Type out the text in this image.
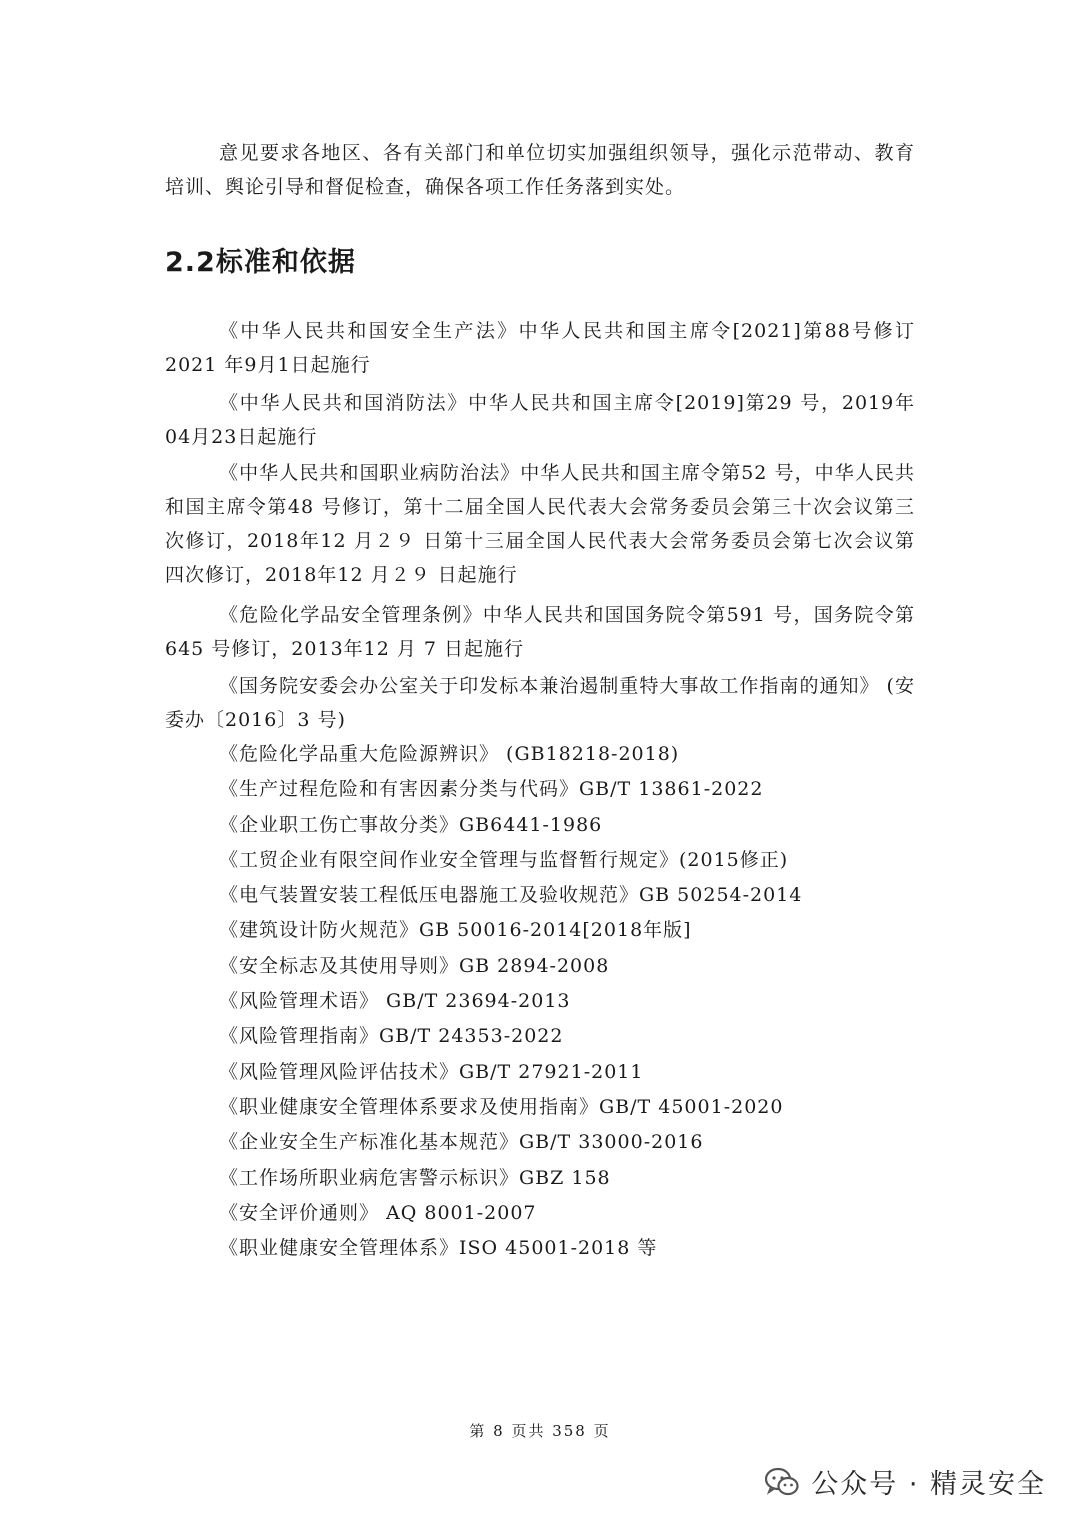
意见要求各地区、各有关部门和单位切实加强组织领导，强化示范带动、教育培训、舆论引导和督促检查，确保各项工作任务落到实处。

2.2标准和依据

《中华人民共和国安全生产法》中华人民共和国主席令[2021]第88号修订 2021 年9月1日起施行

《中华人民共和国消防法》中华人民共和国主席令[2019]第29 号，2019年04月23日起施行

《中华人民共和国职业病防治法》中华人民共和国主席令第52 号，中华人民共和国主席令第48 号修订，第十二届全国人民代表大会常务委员会第三十次会议第三次修订，2018年12 月２９ 日第十三届全国人民代表大会常务委员会第七次会议第四次修订，2018年12 月２９ 日起施行

《危险化学品安全管理条例》中华人民共和国国务院令第591 号，国务院令第645 号修订，2013年12 月 7 日起施行

《国务院安委会办公室关于印发标本兼治遏制重特大事故工作指南的通知》 (安委办〔2016〕3 号)

《危险化学品重大危险源辨识》 (GB18218-2018)
《生产过程危险和有害因素分类与代码》GB/T 13861-2022
《企业职工伤亡事故分类》GB6441-1986
《工贸企业有限空间作业安全管理与监督暂行规定》(2015修正)
《电气装置安装工程低压电器施工及验收规范》GB 50254-2014
《建筑设计防火规范》GB 50016-2014[2018年版]
《安全标志及其使用导则》GB 2894-2008
《风险管理术语》 GB/T 23694-2013
《风险管理指南》GB/T 24353-2022
《风险管理风险评估技术》GB/T 27921-2011
《职业健康安全管理体系要求及使用指南》GB/T 45001-2020
《企业安全生产标准化基本规范》GB/T 33000-2016
《工作场所职业病危害警示标识》GBZ 158
《安全评价通则》 AQ 8001-2007
《职业健康安全管理体系》ISO 45001-2018 等
第 8 页共 358 页
公众号 · 精灵安全
